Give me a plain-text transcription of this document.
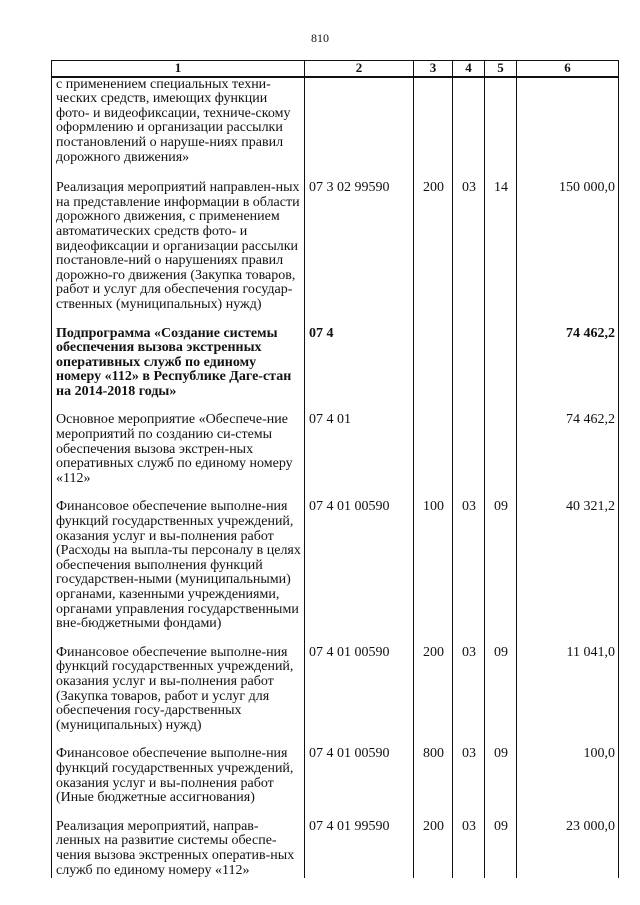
810
1	2	3	4	5	6
с применением специальных техни-ческих средств, имеющих функции фото- и видеофиксации, техниче-скому оформлению и организации рассылки постановлений о наруше-ниях правил дорожного движения»					
Реализация мероприятий направлен-ных на представление информации в области дорожного движения, с применением автоматических средств фото- и видеофиксации и организации рассылки постановле-ний о нарушениях правил дорожно-го движения (Закупка товаров, работ и услуг для обеспечения государ-ственных (муниципальных) нужд)	07 3 02 99590	200	03	14	150 000,0
Подпрограмма «Создание системы обеспечения вызова экстренных оперативных служб по единому номеру «112» в Республике Даге-стан на 2014-2018 годы»	07 4				74 462,2
Основное мероприятие «Обеспече-ние мероприятий по созданию си-стемы обеспечения вызова экстрен-ных оперативных служб по единому номеру «112»	07 4 01				74 462,2
Финансовое обеспечение выполне-ния функций государственных учреждений, оказания услуг и вы-полнения работ (Расходы на выпла-ты персоналу в целях обеспечения выполнения функций государствен-ными (муниципальными) органами, казенными учреждениями, органами управления государственными вне-бюджетными фондами)	07 4 01 00590	100	03	09	40 321,2
Финансовое обеспечение выполне-ния функций государственных учреждений, оказания услуг и вы-полнения работ (Закупка товаров, работ и услуг для обеспечения госу-дарственных (муниципальных) нужд)	07 4 01 00590	200	03	09	11 041,0
Финансовое обеспечение выполне-ния функций государственных учреждений, оказания услуг и вы-полнения работ (Иные бюджетные ассигнования)	07 4 01 00590	800	03	09	100,0
Реализация мероприятий, направ-ленных на развитие системы обеспе-чения вызова экстренных оператив-ных служб по единому номеру «112»	07 4 01 99590	200	03	09	23 000,0
